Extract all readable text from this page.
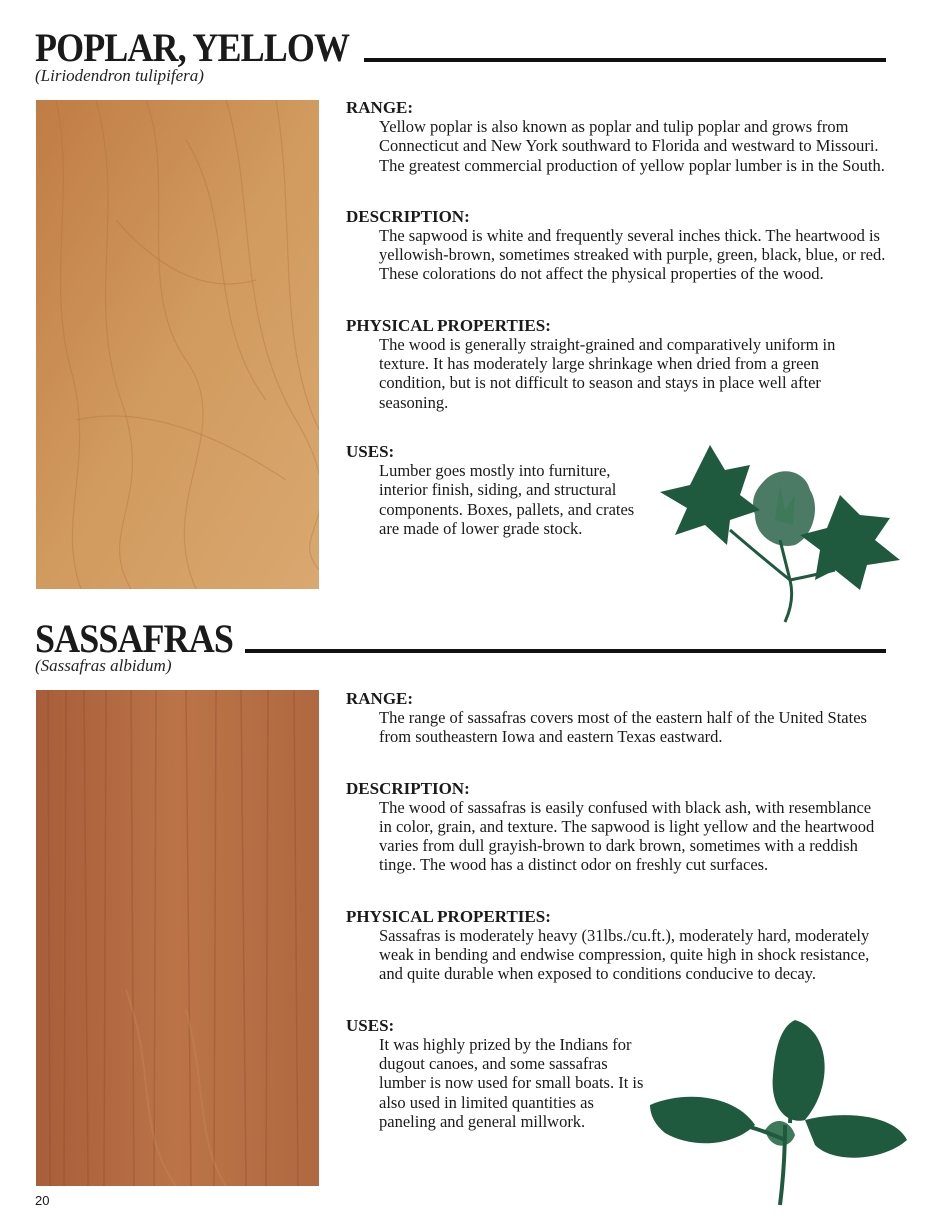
POPLAR, YELLOW
(Liriodendron tulipifera)

RANGE:

Yellow poplar is also known as poplar and tulip poplar and grows from Connecticut and New York southward to Florida and westward to Missouri. The greatest commercial production of yellow poplar lumber is in the South.

DESCRIPTION:

The sapwood is white and frequently several inches thick. The heartwood is yellowish-brown, sometimes streaked with purple, green, black, blue, or red. These colorations do not affect the physical properties of the wood.

PHYSICAL PROPERTIES:

The wood is generally straight-grained and comparatively uniform in texture. It has moderately large shrinkage when dried from a green condition, but is not difficult to season and stays in place well after seasoning.

USES:

Lumber goes mostly into furniture, interior finish, siding, and structural components. Boxes, pallets, and crates are made of lower grade stock.

SASSAFRAS
(Sassafras albidum)

RANGE:

The range of sassafras covers most of the eastern half of the United States from southeastern Iowa and eastern Texas eastward.

DESCRIPTION:

The wood of sassafras is easily confused with black ash, with resemblance in color, grain, and texture. The sapwood is light yellow and the heartwood varies from dull grayish-brown to dark brown, sometimes with a reddish tinge. The wood has a distinct odor on freshly cut surfaces.

PHYSICAL PROPERTIES:

Sassafras is moderately heavy (31lbs./cu.ft.), moderately hard, moderately weak in bending and endwise compression, quite high in shock resistance, and quite durable when exposed to conditions conducive to decay.

USES:

It was highly prized by the Indians for dugout canoes, and some sassafras lumber is now used for small boats. It is also used in limited quantities as paneling and general millwork.

20
